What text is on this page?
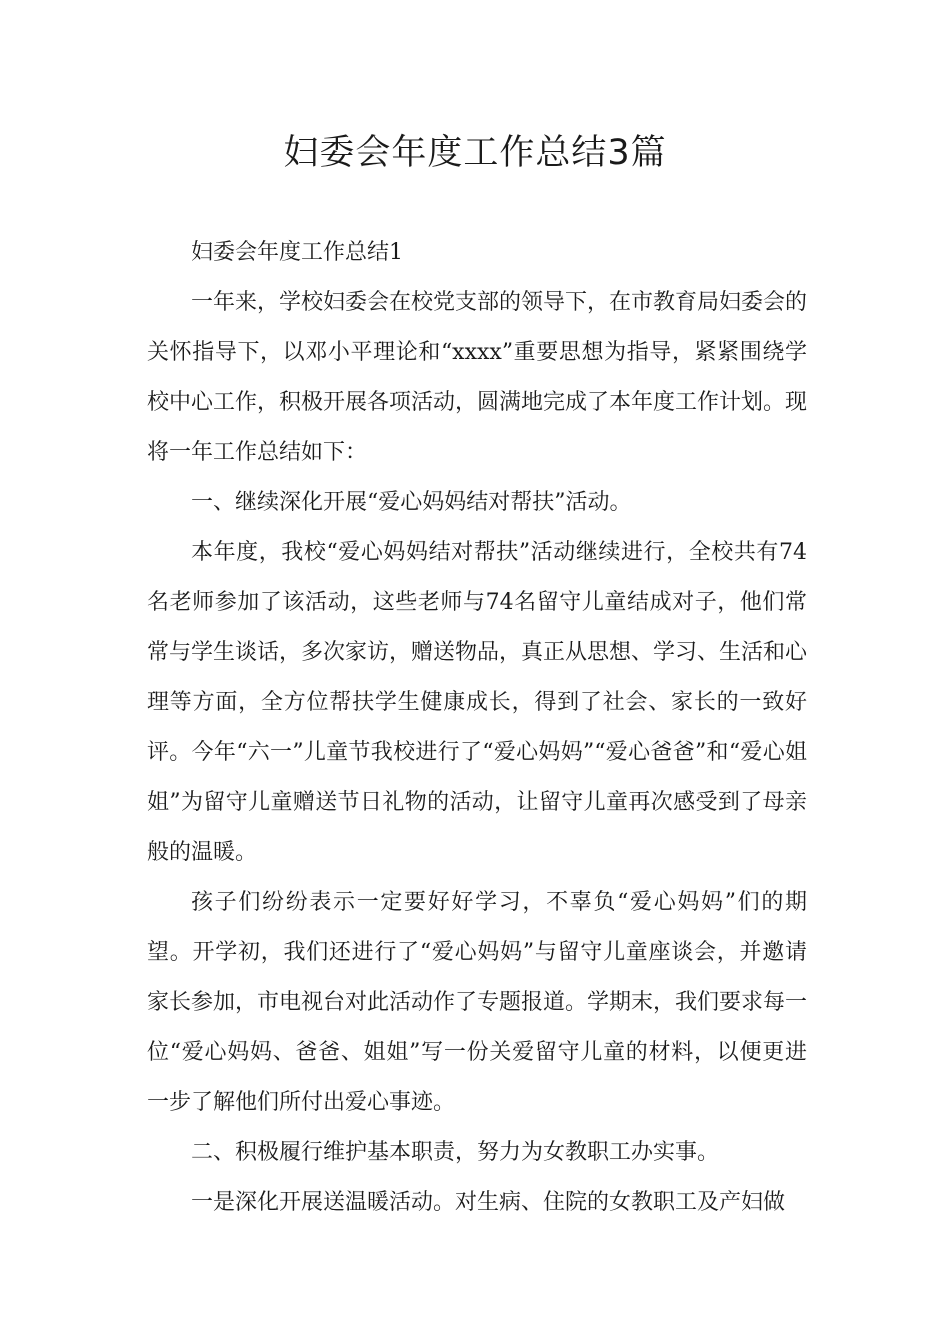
妇委会年度工作总结3篇

妇委会年度工作总结1

一年来，学校妇委会在校党支部的领导下，在市教育局妇委会的关怀指导下，以邓小平理论和“xxxx”重要思想为指导，紧紧围绕学校中心工作，积极开展各项活动，圆满地完成了本年度工作计划。现将一年工作总结如下：

一、继续深化开展“爱心妈妈结对帮扶”活动。

本年度，我校“爱心妈妈结对帮扶”活动继续进行，全校共有74名老师参加了该活动，这些老师与74名留守儿童结成对子，他们常常与学生谈话，多次家访，赠送物品，真正从思想、学习、生活和心理等方面，全方位帮扶学生健康成长，得到了社会、家长的一致好评。今年“六一”儿童节我校进行了“爱心妈妈”“爱心爸爸”和“爱心姐姐”为留守儿童赠送节日礼物的活动，让留守儿童再次感受到了母亲般的温暖。

孩子们纷纷表示一定要好好学习，不辜负“爱心妈妈”们的期望。开学初，我们还进行了“爱心妈妈”与留守儿童座谈会，并邀请家长参加，市电视台对此活动作了专题报道。学期末，我们要求每一位“爱心妈妈、爸爸、姐姐”写一份关爱留守儿童的材料，以便更进一步了解他们所付出爱心事迹。

二、积极履行维护基本职责，努力为女教职工办实事。

一是深化开展送温暖活动。对生病、住院的女教职工及产妇做
